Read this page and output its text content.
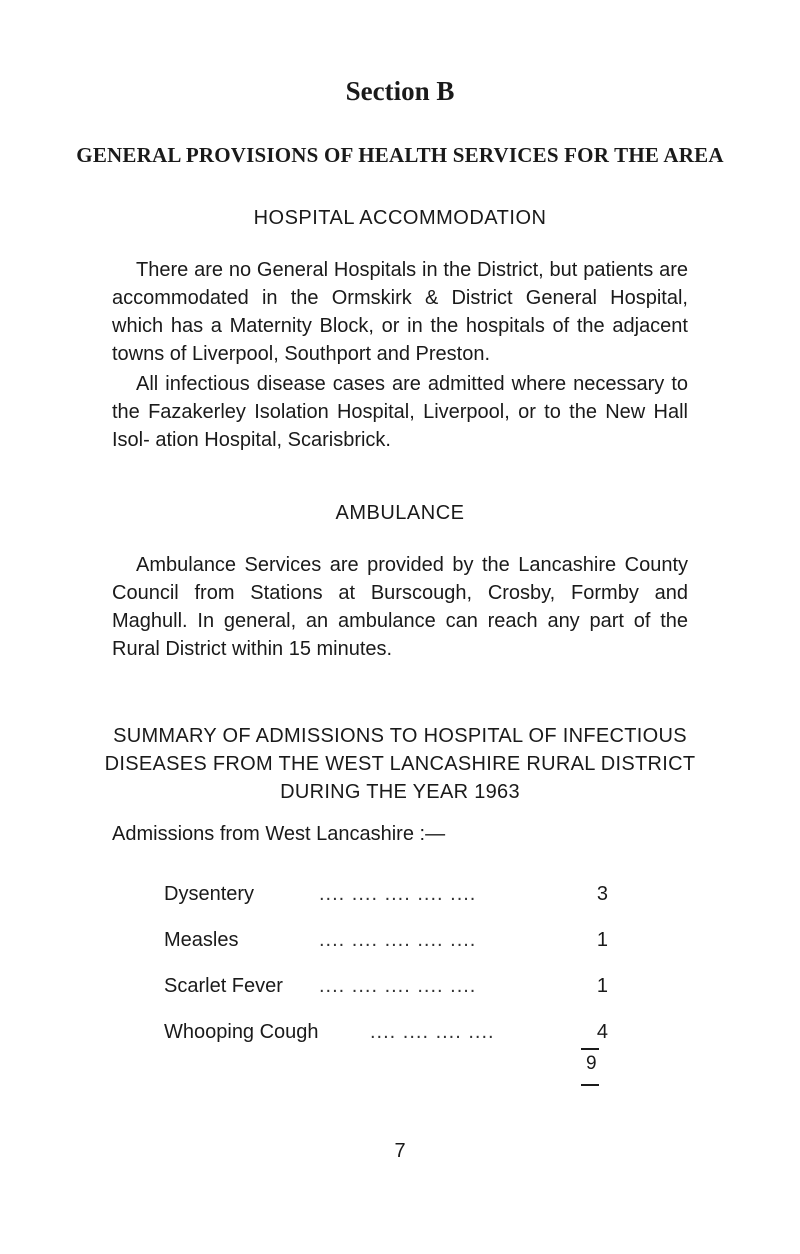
Section B
GENERAL PROVISIONS OF HEALTH SERVICES FOR THE AREA
HOSPITAL ACCOMMODATION

There are no General Hospitals in the District, but patients are accommodated in the Ormskirk & District General Hospital, which has a Maternity Block, or in the hospitals of the adjacent towns of Liverpool, Southport and Preston.

All infectious disease cases are admitted where necessary to the Fazakerley Isolation Hospital, Liverpool, or to the New Hall Isol- ation Hospital, Scarisbrick.

AMBULANCE

Ambulance Services are provided by the Lancashire County Council from Stations at Burscough, Crosby, Formby and Maghull. In general, an ambulance can reach any part of the Rural District within 15 minutes.

SUMMARY OF ADMISSIONS TO HOSPITAL OF INFECTIOUS
DISEASES FROM THE WEST LANCASHIRE RURAL DISTRICT
DURING THE YEAR 1963
Admissions from West Lancashire :—
Dysentery	.... .... .... .... ....	3
Measles	.... .... .... .... ....	1
Scarlet Fever .... .... .... .... ....	1
Whooping Cough	.... .... .... ....	4
9
7
